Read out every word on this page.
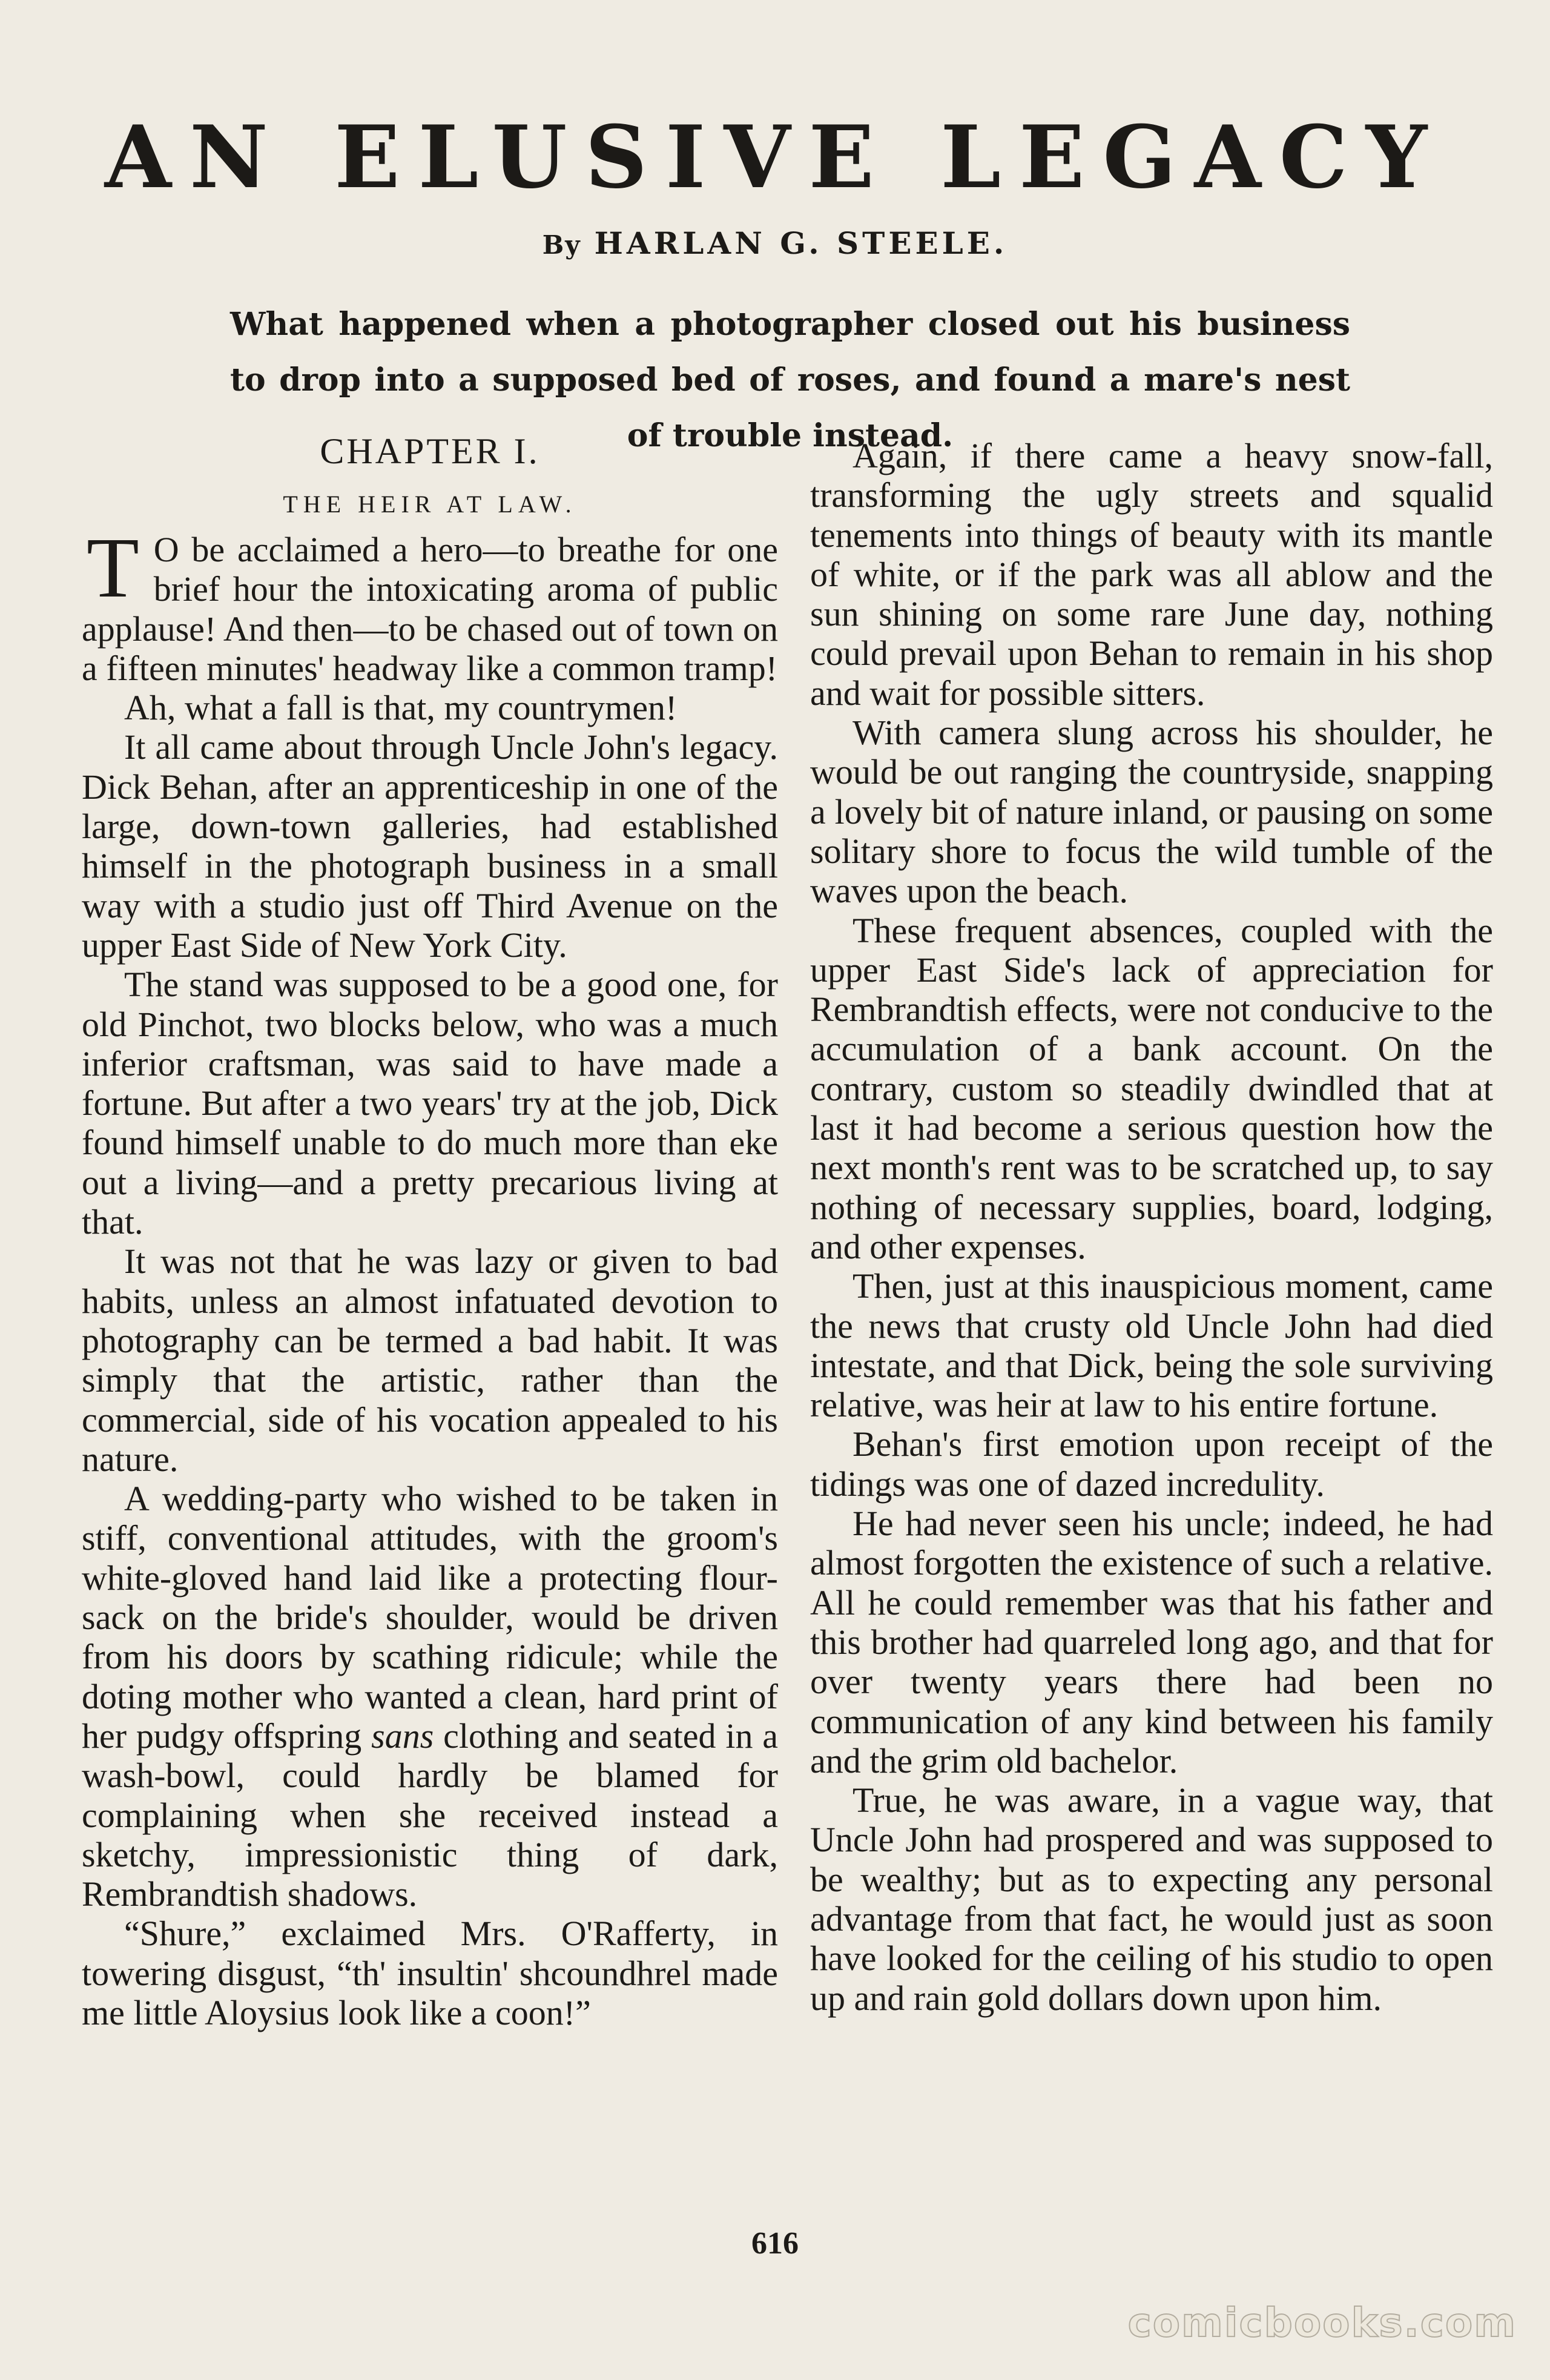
AN ELUSIVE LEGACY
By HARLAN G. STEELE.
What happened when a photographer closed out his business to drop into a supposed bed of roses, and found a mare's nest of trouble instead.
CHAPTER I.
THE HEIR AT LAW.

T O be acclaimed a hero—to breathe for one brief hour the intoxicating aroma of public applause! And then—to be chased out of town on a fifteen minutes' headway like a common tramp!

Ah, what a fall is that, my countrymen!

It all came about through Uncle John's legacy. Dick Behan, after an apprenticeship in one of the large, down-town galleries, had established himself in the photograph business in a small way with a studio just off Third Avenue on the upper East Side of New York City.

The stand was supposed to be a good one, for old Pinchot, two blocks below, who was a much inferior craftsman, was said to have made a fortune. But after a two years' try at the job, Dick found himself unable to do much more than eke out a living—and a pretty precarious living at that.

It was not that he was lazy or given to bad habits, unless an almost infatuated devotion to photography can be termed a bad habit. It was simply that the artistic, rather than the commercial, side of his vocation appealed to his nature.

A wedding-party who wished to be taken in stiff, conventional attitudes, with the groom's white-gloved hand laid like a protecting flour-sack on the bride's shoulder, would be driven from his doors by scathing ridicule; while the doting mother who wanted a clean, hard print of her pudgy offspring sans clothing and seated in a wash-bowl, could hardly be blamed for complaining when she received instead a sketchy, impressionistic thing of dark, Rembrandtish shadows.

“Shure,” exclaimed Mrs. O'Rafferty, in towering disgust, “th' insultin' shcoundhrel made me little Aloysius look like a coon!”

Again, if there came a heavy snow-fall, transforming the ugly streets and squalid tenements into things of beauty with its mantle of white, or if the park was all ablow and the sun shining on some rare June day, nothing could prevail upon Behan to remain in his shop and wait for possible sitters.

With camera slung across his shoulder, he would be out ranging the countryside, snapping a lovely bit of nature inland, or pausing on some solitary shore to focus the wild tumble of the waves upon the beach.

These frequent absences, coupled with the upper East Side's lack of appreciation for Rembrandtish effects, were not conducive to the accumulation of a bank account. On the contrary, custom so steadily dwindled that at last it had become a serious question how the next month's rent was to be scratched up, to say nothing of necessary supplies, board, lodging, and other expenses.

Then, just at this inauspicious moment, came the news that crusty old Uncle John had died intestate, and that Dick, being the sole surviving relative, was heir at law to his entire fortune.

Behan's first emotion upon receipt of the tidings was one of dazed incredulity.

He had never seen his uncle; indeed, he had almost forgotten the existence of such a relative. All he could remember was that his father and this brother had quarreled long ago, and that for over twenty years there had been no communication of any kind between his family and the grim old bachelor.

True, he was aware, in a vague way, that Uncle John had prospered and was supposed to be wealthy; but as to expecting any personal advantage from that fact, he would just as soon have looked for the ceiling of his studio to open up and rain gold dollars down upon him.

616
comicbooks.com
